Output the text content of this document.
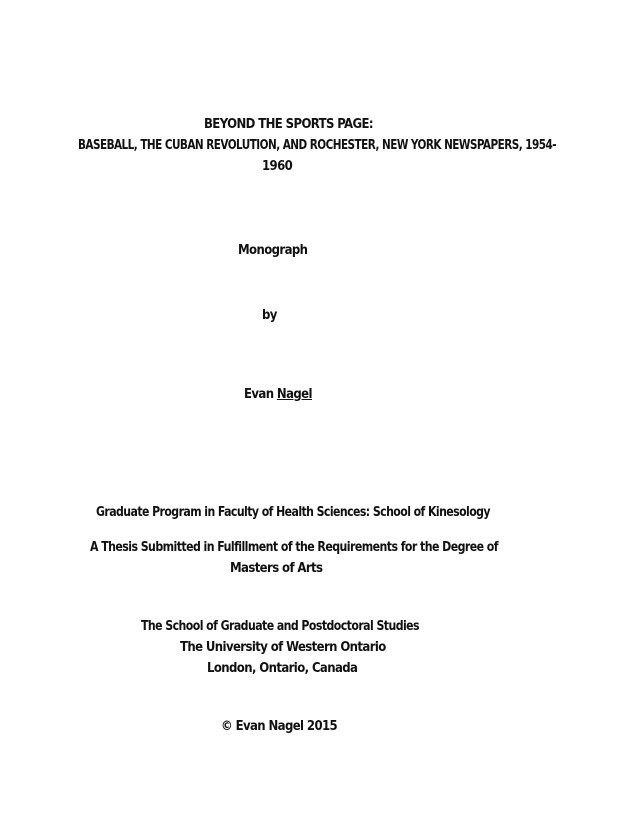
BEYOND THE SPORTS PAGE:
BASEBALL, THE CUBAN REVOLUTION, AND ROCHESTER, NEW YORK NEWSPAPERS, 1954-
1960
Monograph
by
Evan Nagel
Graduate Program in Faculty of Health Sciences: School of Kinesology
A Thesis Submitted in Fulfillment of the Requirements for the Degree of
Masters of Arts
The School of Graduate and Postdoctoral Studies
The University of Western Ontario
London, Ontario, Canada
© Evan Nagel 2015
